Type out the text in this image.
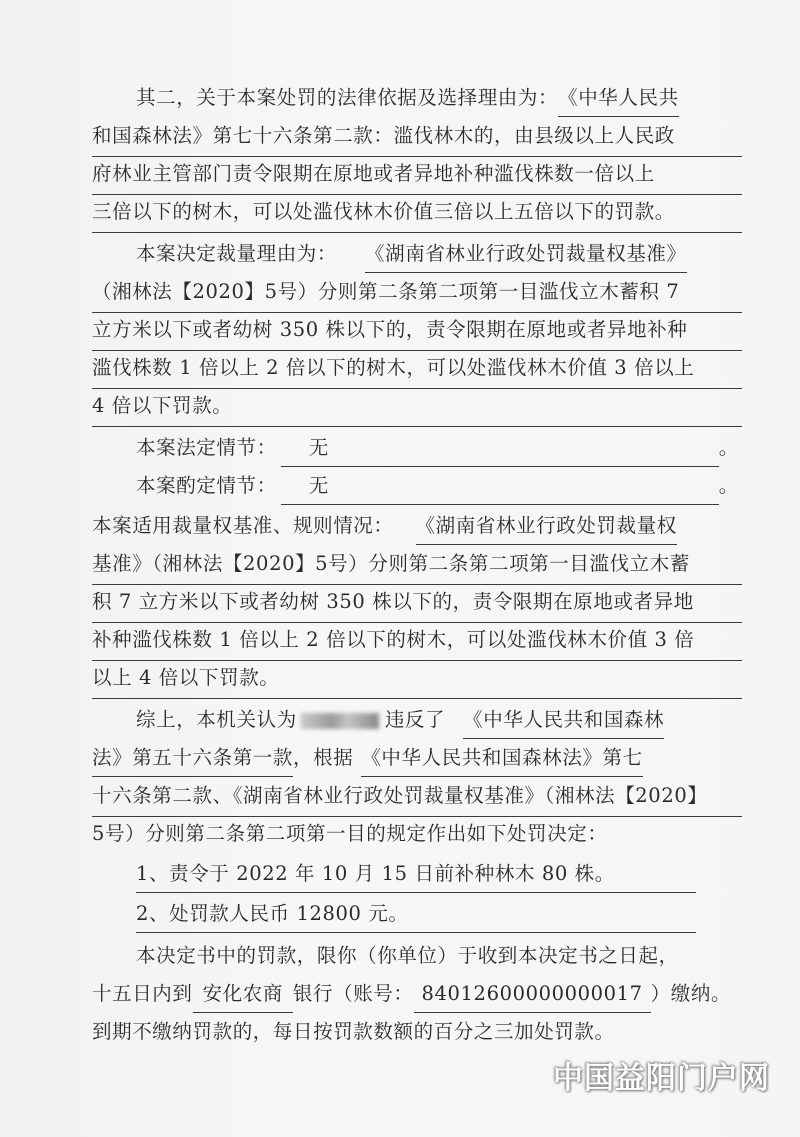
其二，关于本案处罚的法律依据及选择理由为：《中华人民共
和国森林法》第七十六条第二款：滥伐林木的，由县级以上人民政
府林业主管部门责令限期在原地或者异地补种滥伐株数一倍以上
三倍以下的树木，可以处滥伐林木价值三倍以上五倍以下的罚款。
本案决定裁量理由为： 《湖南省林业行政处罚裁量权基准》
（湘林法【2020】5号）分则第二条第二项第一目滥伐立木蓄积 7
立方米以下或者幼树 350 株以下的，责令限期在原地或者异地补种
滥伐株数 1 倍以上 2 倍以下的树木，可以处滥伐林木价值 3 倍以上
4 倍以下罚款。
本案法定情节： 无	。
本案酌定情节： 无	。
本案适用裁量权基准、规则情况： 《湖南省林业行政处罚裁量权
基准》（湘林法【2020】5号）分则第二条第二项第一目滥伐立木蓄
积 7 立方米以下或者幼树 350 株以下的，责令限期在原地或者异地
补种滥伐株数 1 倍以上 2 倍以下的树木，可以处滥伐林木价值 3 倍
以上 4 倍以下罚款。
综上，本机关认为	违反了 《中华人民共和国森林
法》第五十六条第一款，根据 《中华人民共和国森林法》第七
十六条第二款、《湖南省林业行政处罚裁量权基准》（湘林法【2020】
5号）分则第二条第二项第一目的规定作出如下处罚决定：
1、责令于 2022 年 10 月 15 日前补种林木 80 株。
2、处罚款人民币 12800 元。
本决定书中的罚款，限你（你单位）于收到本决定书之日起，
十五日内到 安化农商 银行（账号： 84012600000000017 ）缴纳。
到期不缴纳罚款的，每日按罚款数额的百分之三加处罚款。
中国益阳门户网
